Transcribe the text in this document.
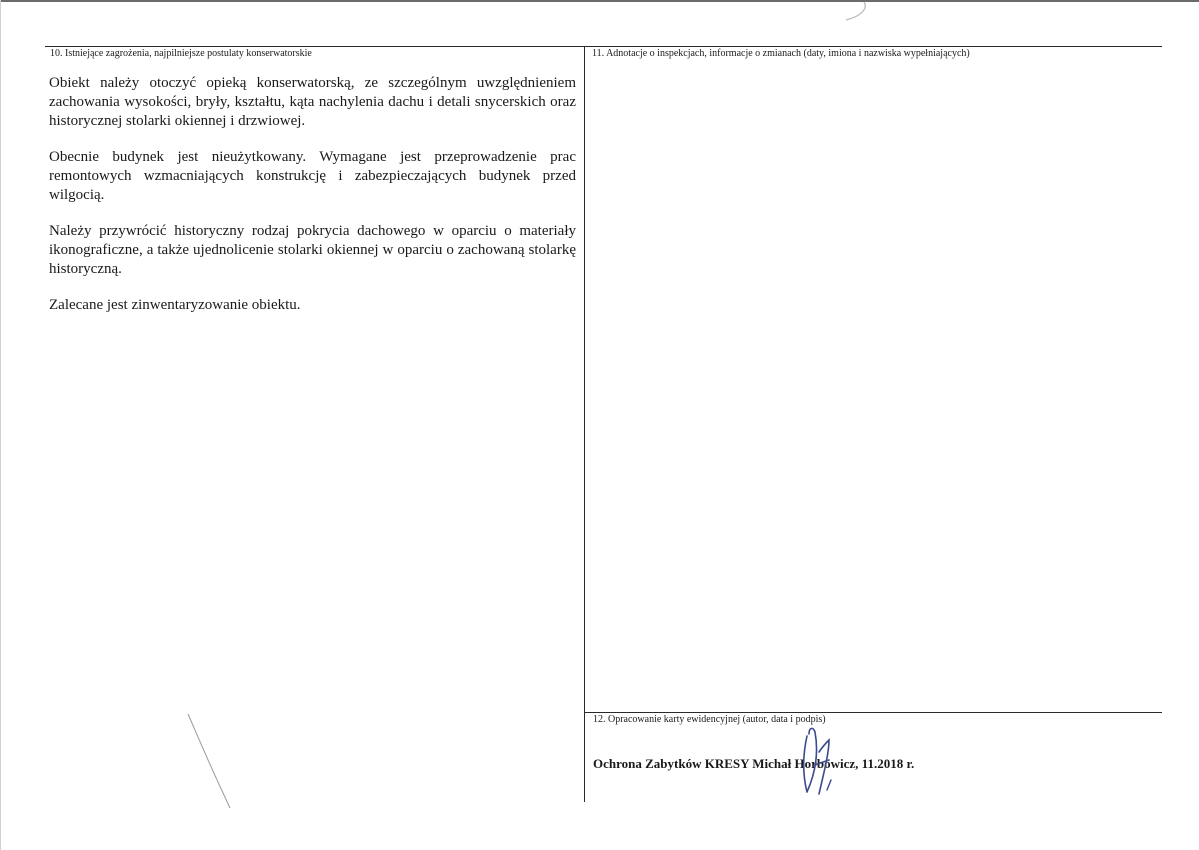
10. Istniejące zagrożenia, najpilniejsze postulaty konserwatorskie	11. Adnotacje o inspekcjach, informacje o zmianach (daty, imiona i nazwiska wypełniających)
12. Opracowanie karty ewidencyjnej (autor, data i podpis)

Obiekt należy otoczyć opieką konserwatorską, ze szczególnym uwzględnieniem zachowania wysokości, bryły, kształtu, kąta nachylenia dachu i detali snycerskich oraz historycznej stolarki okiennej i drzwiowej.

Obecnie budynek jest nieużytkowany. Wymagane jest przeprowadzenie prac remontowych wzmacniających konstrukcję i zabezpieczających budynek przed wilgocią.

Należy przywrócić historyczny rodzaj pokrycia dachowego w oparciu o materiały ikonograficzne, a także ujednolicenie stolarki okiennej w oparciu o zachowaną stolarkę historyczną.

Zalecane jest zinwentaryzowanie obiektu.

Ochrona Zabytków KRESY Michał Horbowicz, 11.2018 r.
